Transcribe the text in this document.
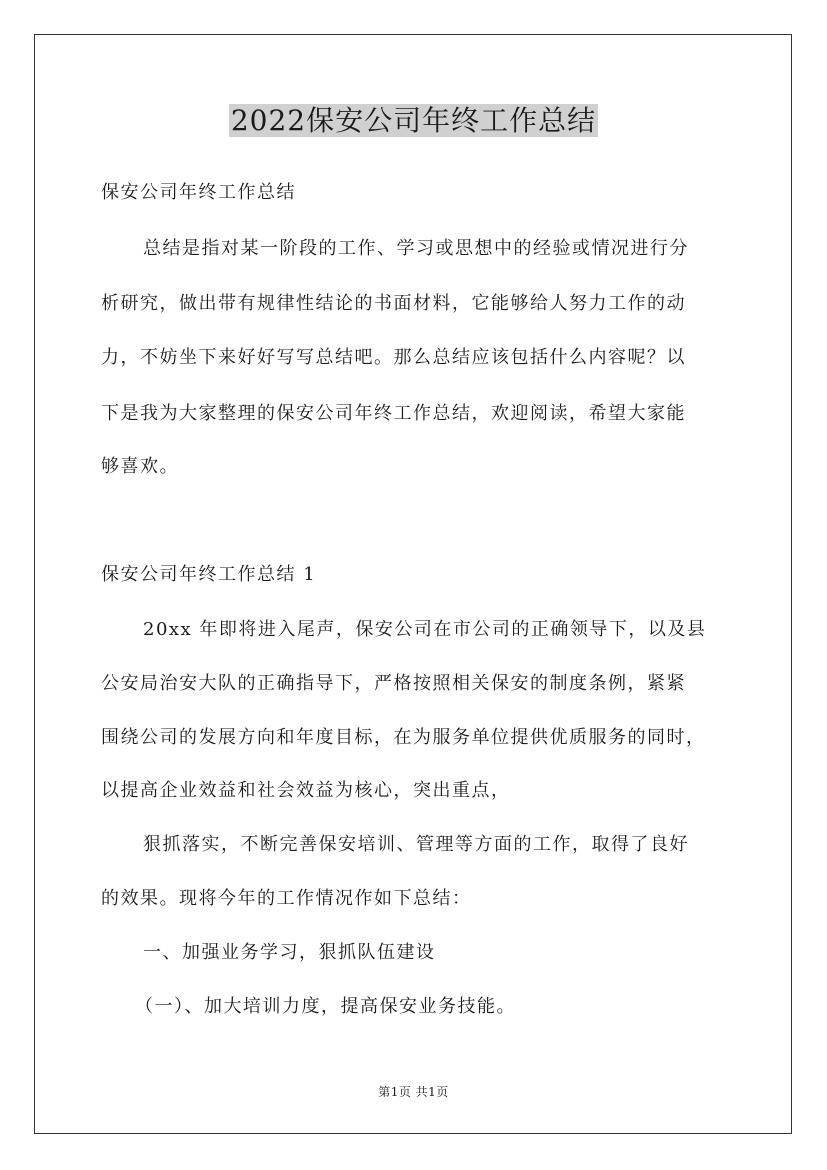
2022保安公司年终工作总结

保安公司年终工作总结

总结是指对某一阶段的工作、学习或思想中的经验或情况进行分

析研究，做出带有规律性结论的书面材料，它能够给人努力工作的动

力，不妨坐下来好好写写总结吧。那么总结应该包括什么内容呢？以

下是我为大家整理的保安公司年终工作总结，欢迎阅读，希望大家能

够喜欢。

保安公司年终工作总结 1

20xx 年即将进入尾声，保安公司在市公司的正确领导下，以及县

公安局治安大队的正确指导下，严格按照相关保安的制度条例，紧紧

围绕公司的发展方向和年度目标，在为服务单位提供优质服务的同时，

以提高企业效益和社会效益为核心，突出重点，

狠抓落实，不断完善保安培训、管理等方面的工作，取得了良好

的效果。现将今年的工作情况作如下总结：

一、加强业务学习，狠抓队伍建设

（一）、加大培训力度，提高保安业务技能。

第1页 共1页
